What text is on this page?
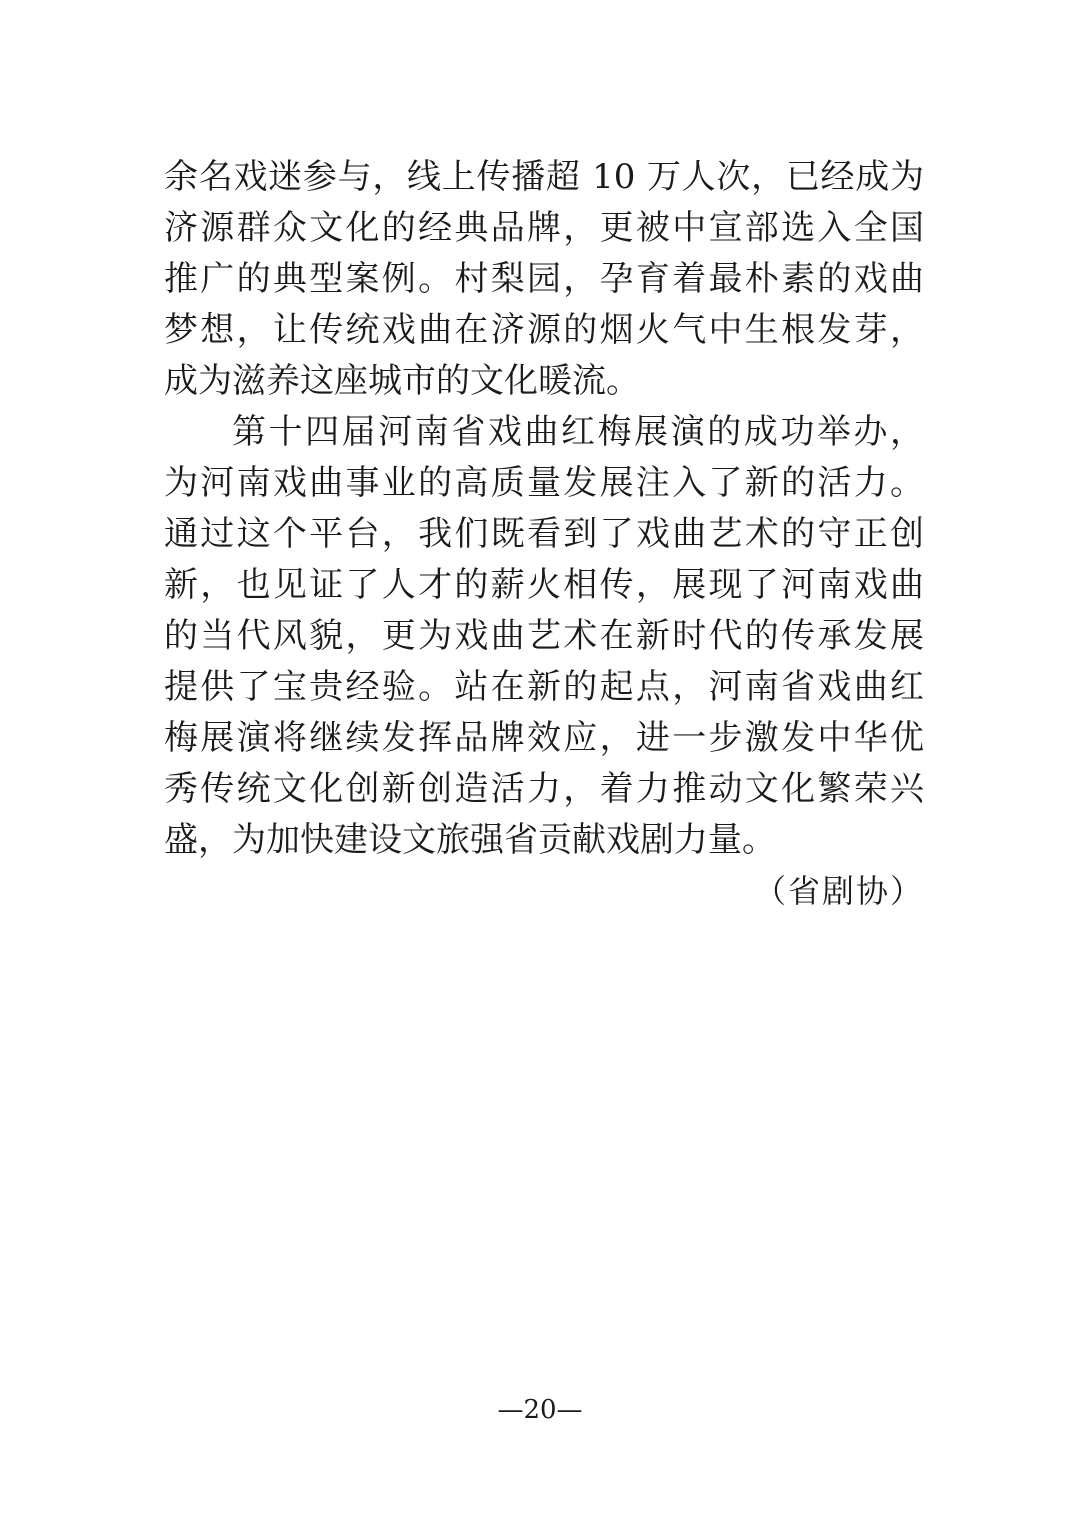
余名戏迷参与，线上传播超 10 万人次，已经成为
济源群众文化的经典品牌，更被中宣部选入全国
推广的典型案例。村梨园，孕育着最朴素的戏曲
梦想，让传统戏曲在济源的烟火气中生根发芽，
成为滋养这座城市的文化暖流。
第十四届河南省戏曲红梅展演的成功举办，
为河南戏曲事业的高质量发展注入了新的活力。
通过这个平台，我们既看到了戏曲艺术的守正创
新，也见证了人才的薪火相传，展现了河南戏曲
的当代风貌，更为戏曲艺术在新时代的传承发展
提供了宝贵经验。站在新的起点，河南省戏曲红
梅展演将继续发挥品牌效应，进一步激发中华优
秀传统文化创新创造活力，着力推动文化繁荣兴
盛，为加快建设文旅强省贡献戏剧力量。
（省剧协）
—20—
